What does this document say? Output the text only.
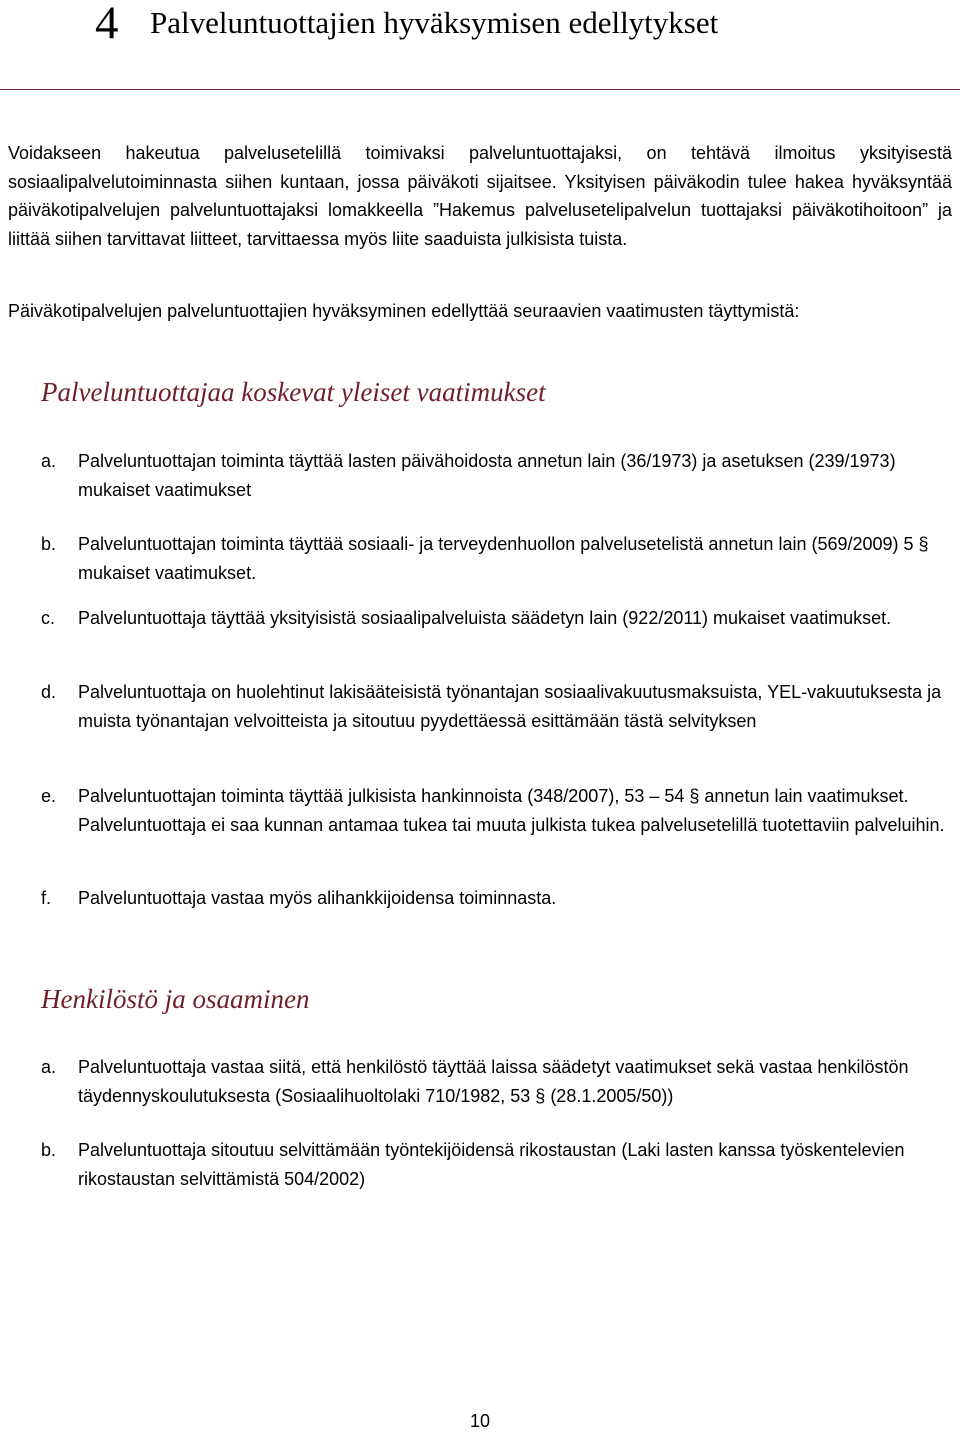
4 Palveluntuottajien hyväksymisen edellytykset

Voidakseen hakeutua palvelusetelillä toimivaksi palveluntuottajaksi, on tehtävä ilmoitus yksityisestä sosiaalipalvelutoiminnasta siihen kuntaan, jossa päiväkoti sijaitsee. Yksityisen päiväkodin tulee hakea hyväksyntää päiväkotipalvelujen palveluntuottajaksi lomakkeella ”Hakemus palvelusetelipalvelun tuottajaksi päiväkotihoitoon” ja liittää siihen tarvittavat liitteet, tarvittaessa myös liite saaduista julkisista tuista.

Päiväkotipalvelujen palveluntuottajien hyväksyminen edellyttää seuraavien vaatimusten täyttymistä:

Palveluntuottajaa koskevat yleiset vaatimukset
a.	Palveluntuottajan toiminta täyttää lasten päivähoidosta annetun lain (36/1973) ja asetuksen (239/1973) mukaiset vaatimukset
b.	Palveluntuottajan toiminta täyttää sosiaali- ja terveydenhuollon palvelusetelistä annetun lain (569/2009) 5 § mukaiset vaatimukset.
c.	Palveluntuottaja täyttää yksityisistä sosiaalipalveluista säädetyn lain (922/2011) mukaiset vaatimukset.
d.	Palveluntuottaja on huolehtinut lakisääteisistä työnantajan sosiaalivakuutusmaksuista, YEL-vakuutuksesta ja muista työnantajan velvoitteista ja sitoutuu pyydettäessä esittämään tästä selvityksen
e.	Palveluntuottajan toiminta täyttää julkisista hankinnoista (348/2007), 53 – 54 § annetun lain vaatimukset. Palveluntuottaja ei saa kunnan antamaa tukea tai muuta julkista tukea palvelusetelillä tuotettaviin palveluihin.
f.	Palveluntuottaja vastaa myös alihankkijoidensa toiminnasta.
Henkilöstö ja osaaminen
a.	Palveluntuottaja vastaa siitä, että henkilöstö täyttää laissa säädetyt vaatimukset sekä vastaa henkilöstön täydennyskoulutuksesta (Sosiaalihuoltolaki 710/1982, 53 § (28.1.2005/50))
b.	Palveluntuottaja sitoutuu selvittämään työntekijöidensä rikostaustan (Laki lasten kanssa työskentelevien rikostaustan selvittämistä 504/2002)
10
